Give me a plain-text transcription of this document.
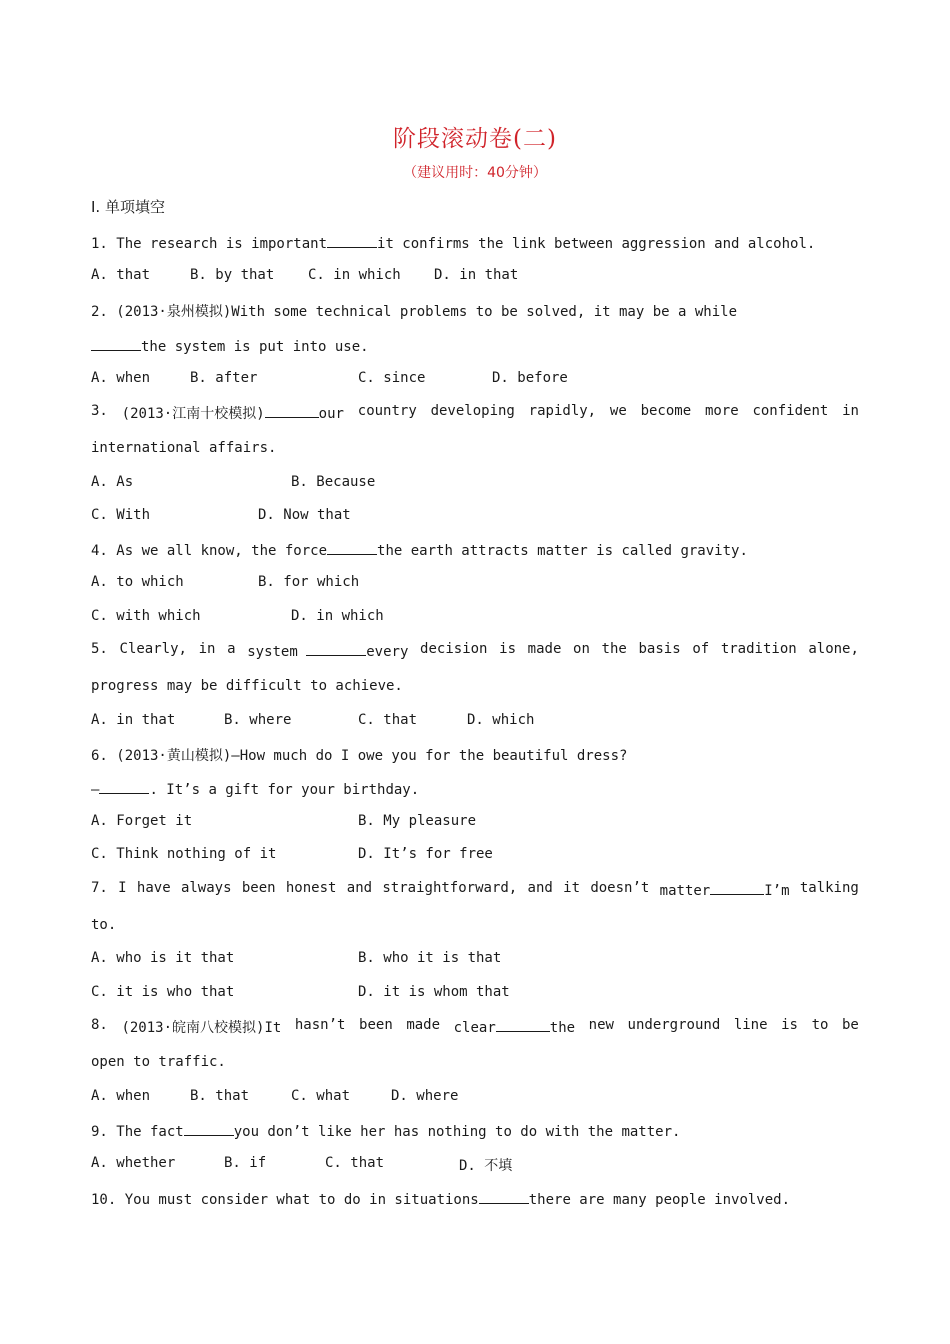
阶段滚动卷(二)
（建议用时：40分钟）
Ⅰ. 单项填空
1. The research is important	it confirms the link between aggression and alcohol.
A. that	B. by that C. in which D. in that
2. (2013·泉州模拟)With some technical problems to be solved, it may be a while
the system is put into use.
A. when	B. after	C. since	D. before
3. (2013·江南十校模拟)	our country developing rapidly, we become more confident in
international affairs.
A. As	B. Because
C. With	D. Now that
4. As we all know, the force	the earth attracts matter is called gravity.
A. to which	B. for which
C. with which	D. in which
5. Clearly, in a system	every decision is made on the basis of tradition alone,
progress may be difficult to achieve.
A. in that	B. where	C. that	D. which
6. (2013·黄山模拟)—How much do I owe you for the beautiful dress?
—	. It’s a gift for your birthday.
A. Forget it	B. My pleasure
C. Think nothing of it	D. It’s for free
7. I have always been honest and straightforward, and it doesn’t matter	I’m talking
to.
A. who is it that	B. who it is that
C. it is who that	D. it is whom that
8. (2013·皖南八校模拟)It hasn’t been made clear	the new underground line is to be
open to traffic.
A. when	B. that	C. what	D. where
9. The fact	you don’t like her has nothing to do with the matter.
A. whether	B. if	C. that	D. 不填
10. You must consider what to do in situations	there are many people involved.
